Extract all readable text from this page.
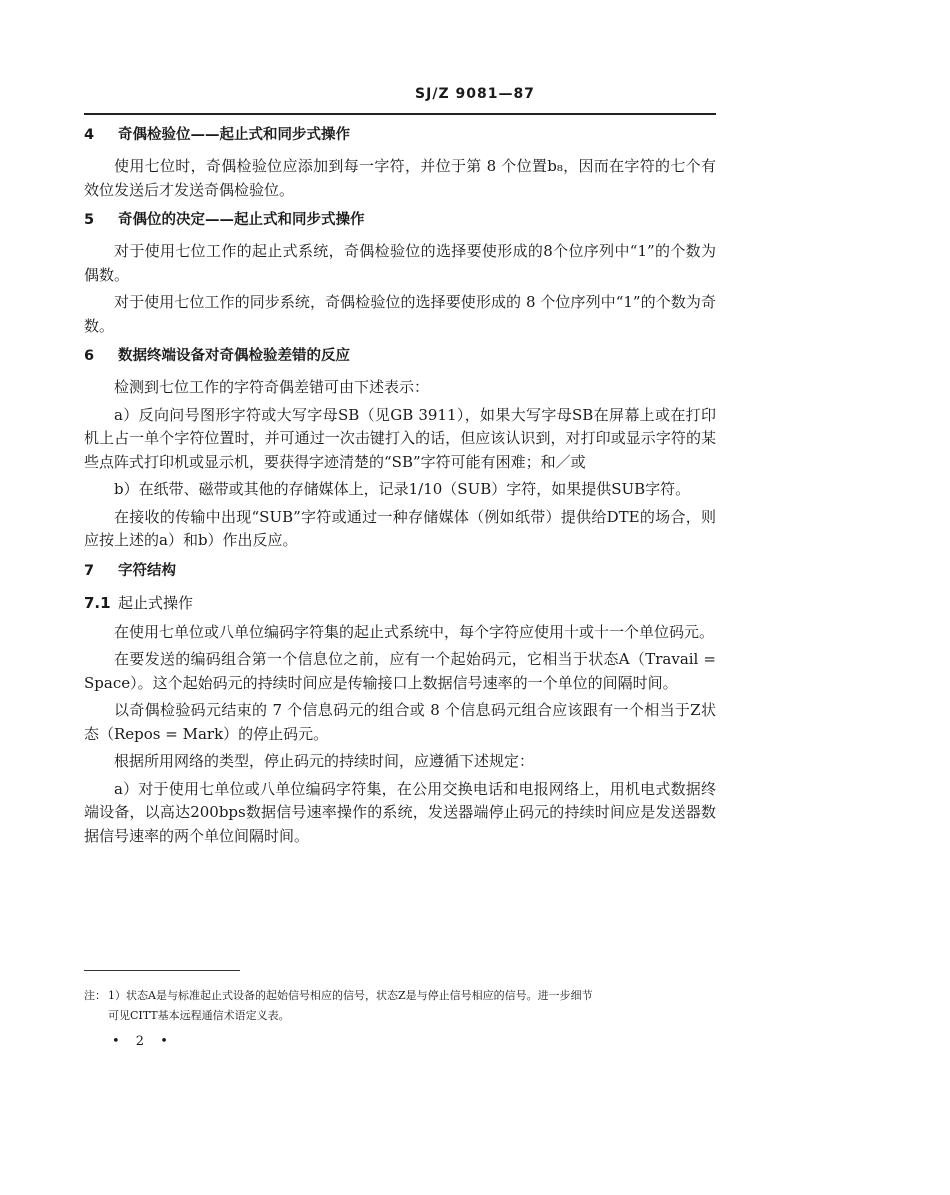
SJ/Z 9081—87
4 奇偶检验位——起止式和同步式操作

使用七位时，奇偶检验位应添加到每一字符，并位于第 8 个位置b₈，因而在字符的七个有效位发送后才发送奇偶检验位。

5 奇偶位的决定——起止式和同步式操作

对于使用七位工作的起止式系统，奇偶检验位的选择要使形成的8个位序列中“1”的个数为偶数。

对于使用七位工作的同步系统，奇偶检验位的选择要使形成的 8 个位序列中“1”的个数为奇数。

6 数据终端设备对奇偶检验差错的反应

检测到七位工作的字符奇偶差错可由下述表示：

a）反向问号图形字符或大写字母SB（见GB 3911），如果大写字母SB在屏幕上或在打印机上占一单个字符位置时，并可通过一次击键打入的话，但应该认识到，对打印或显示字符的某些点阵式打印机或显示机，要获得字迹清楚的“SB”字符可能有困难；和／或

b）在纸带、磁带或其他的存储媒体上，记录1/10（SUB）字符，如果提供SUB字符。

在接收的传输中出现“SUB”字符或通过一种存储媒体（例如纸带）提供给DTE的场合，则应按上述的a）和b）作出反应。

7 字符结构
7.1 起止式操作

在使用七单位或八单位编码字符集的起止式系统中，每个字符应使用十或十一个单位码元。

在要发送的编码组合第一个信息位之前，应有一个起始码元，它相当于状态A（Travail = Space）。这个起始码元的持续时间应是传输接口上数据信号速率的一个单位的间隔时间。

以奇偶检验码元结束的 7 个信息码元的组合或 8 个信息码元组合应该跟有一个相当于Z状态（Repos = Mark）的停止码元。

根据所用网络的类型，停止码元的持续时间，应遵循下述规定：

a）对于使用七单位或八单位编码字符集，在公用交换电话和电报网络上，用机电式数据终端设备，以高达200bps数据信号速率操作的系统，发送器端停止码元的持续时间应是发送器数据信号速率的两个单位间隔时间。

注： 1）状态A是与标准起止式设备的起始信号相应的信号，状态Z是与停止信号相应的信号。进一步细节
可见CITT基本远程通信术语定义表。
• 2 •
